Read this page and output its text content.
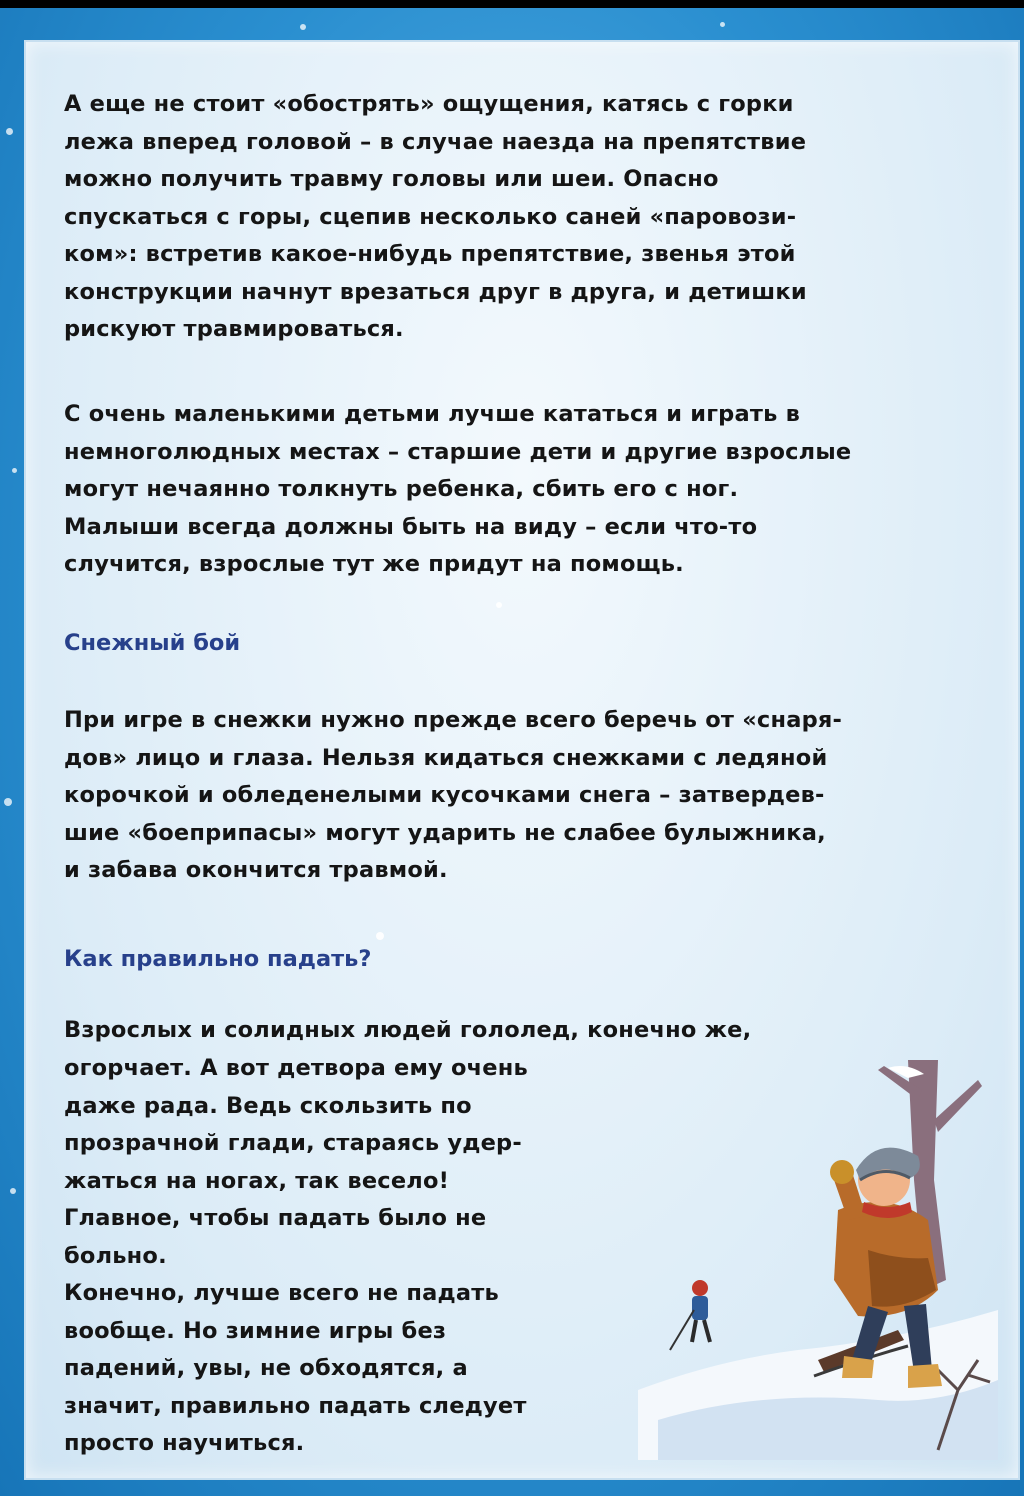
А еще не стоит «обострять» ощущения, катясь с горки
лежа вперед головой – в случае наезда на препятствие
можно получить травму головы или шеи. Опасно
спускаться с горы, сцепив несколько саней «паровози-
ком»: встретив какое-нибудь препятствие, звенья этой
конструкции начнут врезаться друг в друга, и детишки
рискуют травмироваться.

С очень маленькими детьми лучше кататься и играть в
немноголюдных местах – старшие дети и другие взрослые
могут нечаянно толкнуть ребенка, сбить его с ног.
Малыши всегда должны быть на виду – если что-то
случится, взрослые тут же придут на помощь.

Снежный бой

При игре в снежки нужно прежде всего беречь от «снаря-
дов» лицо и глаза. Нельзя кидаться снежками с ледяной
корочкой и обледенелыми кусочками снега – затвердев-
шие «боеприпасы» могут ударить не слабее булыжника,
и забава окончится травмой.

Как правильно падать?

Взрослых и солидных людей гололед, конечно же,

огорчает. А вот детвора ему очень
даже рада. Ведь скользить по
прозрачной глади, стараясь удер-
жаться на ногах, так весело!
Главное, чтобы падать было не
больно.
Конечно, лучше всего не падать
вообще. Но зимние игры без
падений, увы, не обходятся, а
значит, правильно падать следует
просто научиться.
